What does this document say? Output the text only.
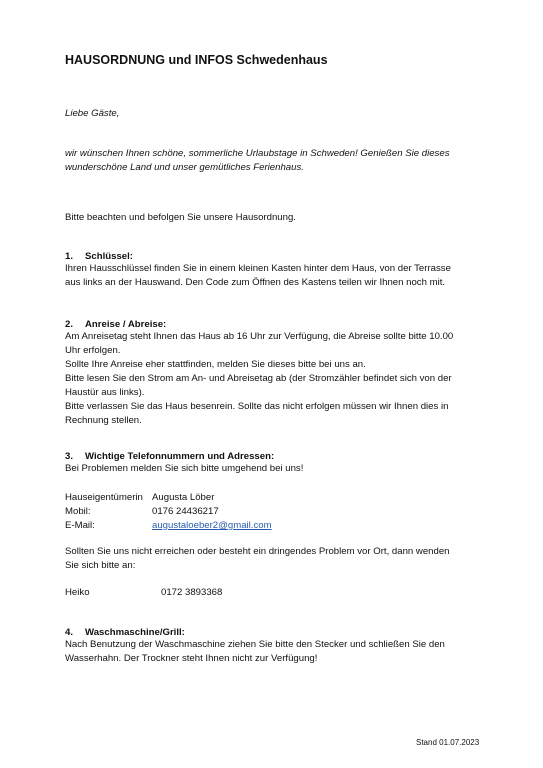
HAUSORDNUNG und INFOS Schwedenhaus
Liebe Gäste,
wir wünschen Ihnen schöne, sommerliche Urlaubstage in Schweden! Genießen Sie dieses
wunderschöne Land und unser gemütliches Ferienhaus.
Bitte beachten und befolgen Sie unsere Hausordnung.
1. Schlüssel:
Ihren Hausschlüssel finden Sie in einem kleinen Kasten hinter dem Haus, von der Terrasse
aus links an der Hauswand. Den Code zum Öffnen des Kastens teilen wir Ihnen noch mit.
2. Anreise / Abreise:
Am Anreisetag steht Ihnen das Haus ab 16 Uhr zur Verfügung, die Abreise sollte bitte 10.00
Uhr erfolgen.
Sollte Ihre Anreise eher stattfinden, melden Sie dieses bitte bei uns an.
Bitte lesen Sie den Strom am An- und Abreisetag ab (der Stromzähler befindet sich von der
Haustür aus links).
Bitte verlassen Sie das Haus besenrein. Sollte das nicht erfolgen müssen wir Ihnen dies in
Rechnung stellen.
3. Wichtige Telefonnummern und Adressen:
Bei Problemen melden Sie sich bitte umgehend bei uns!
Hauseigentümerin Augusta Löber
Mobil:	0176 24436217
E-Mail:	augustaloeber2@gmail.com
Sollten Sie uns nicht erreichen oder besteht ein dringendes Problem vor Ort, dann wenden
Sie sich bitte an:
Heiko	0172 3893368
4. Waschmaschine/Grill:
Nach Benutzung der Waschmaschine ziehen Sie bitte den Stecker und schließen Sie den
Wasserhahn. Der Trockner steht Ihnen nicht zur Verfügung!
Stand 01.07.2023
